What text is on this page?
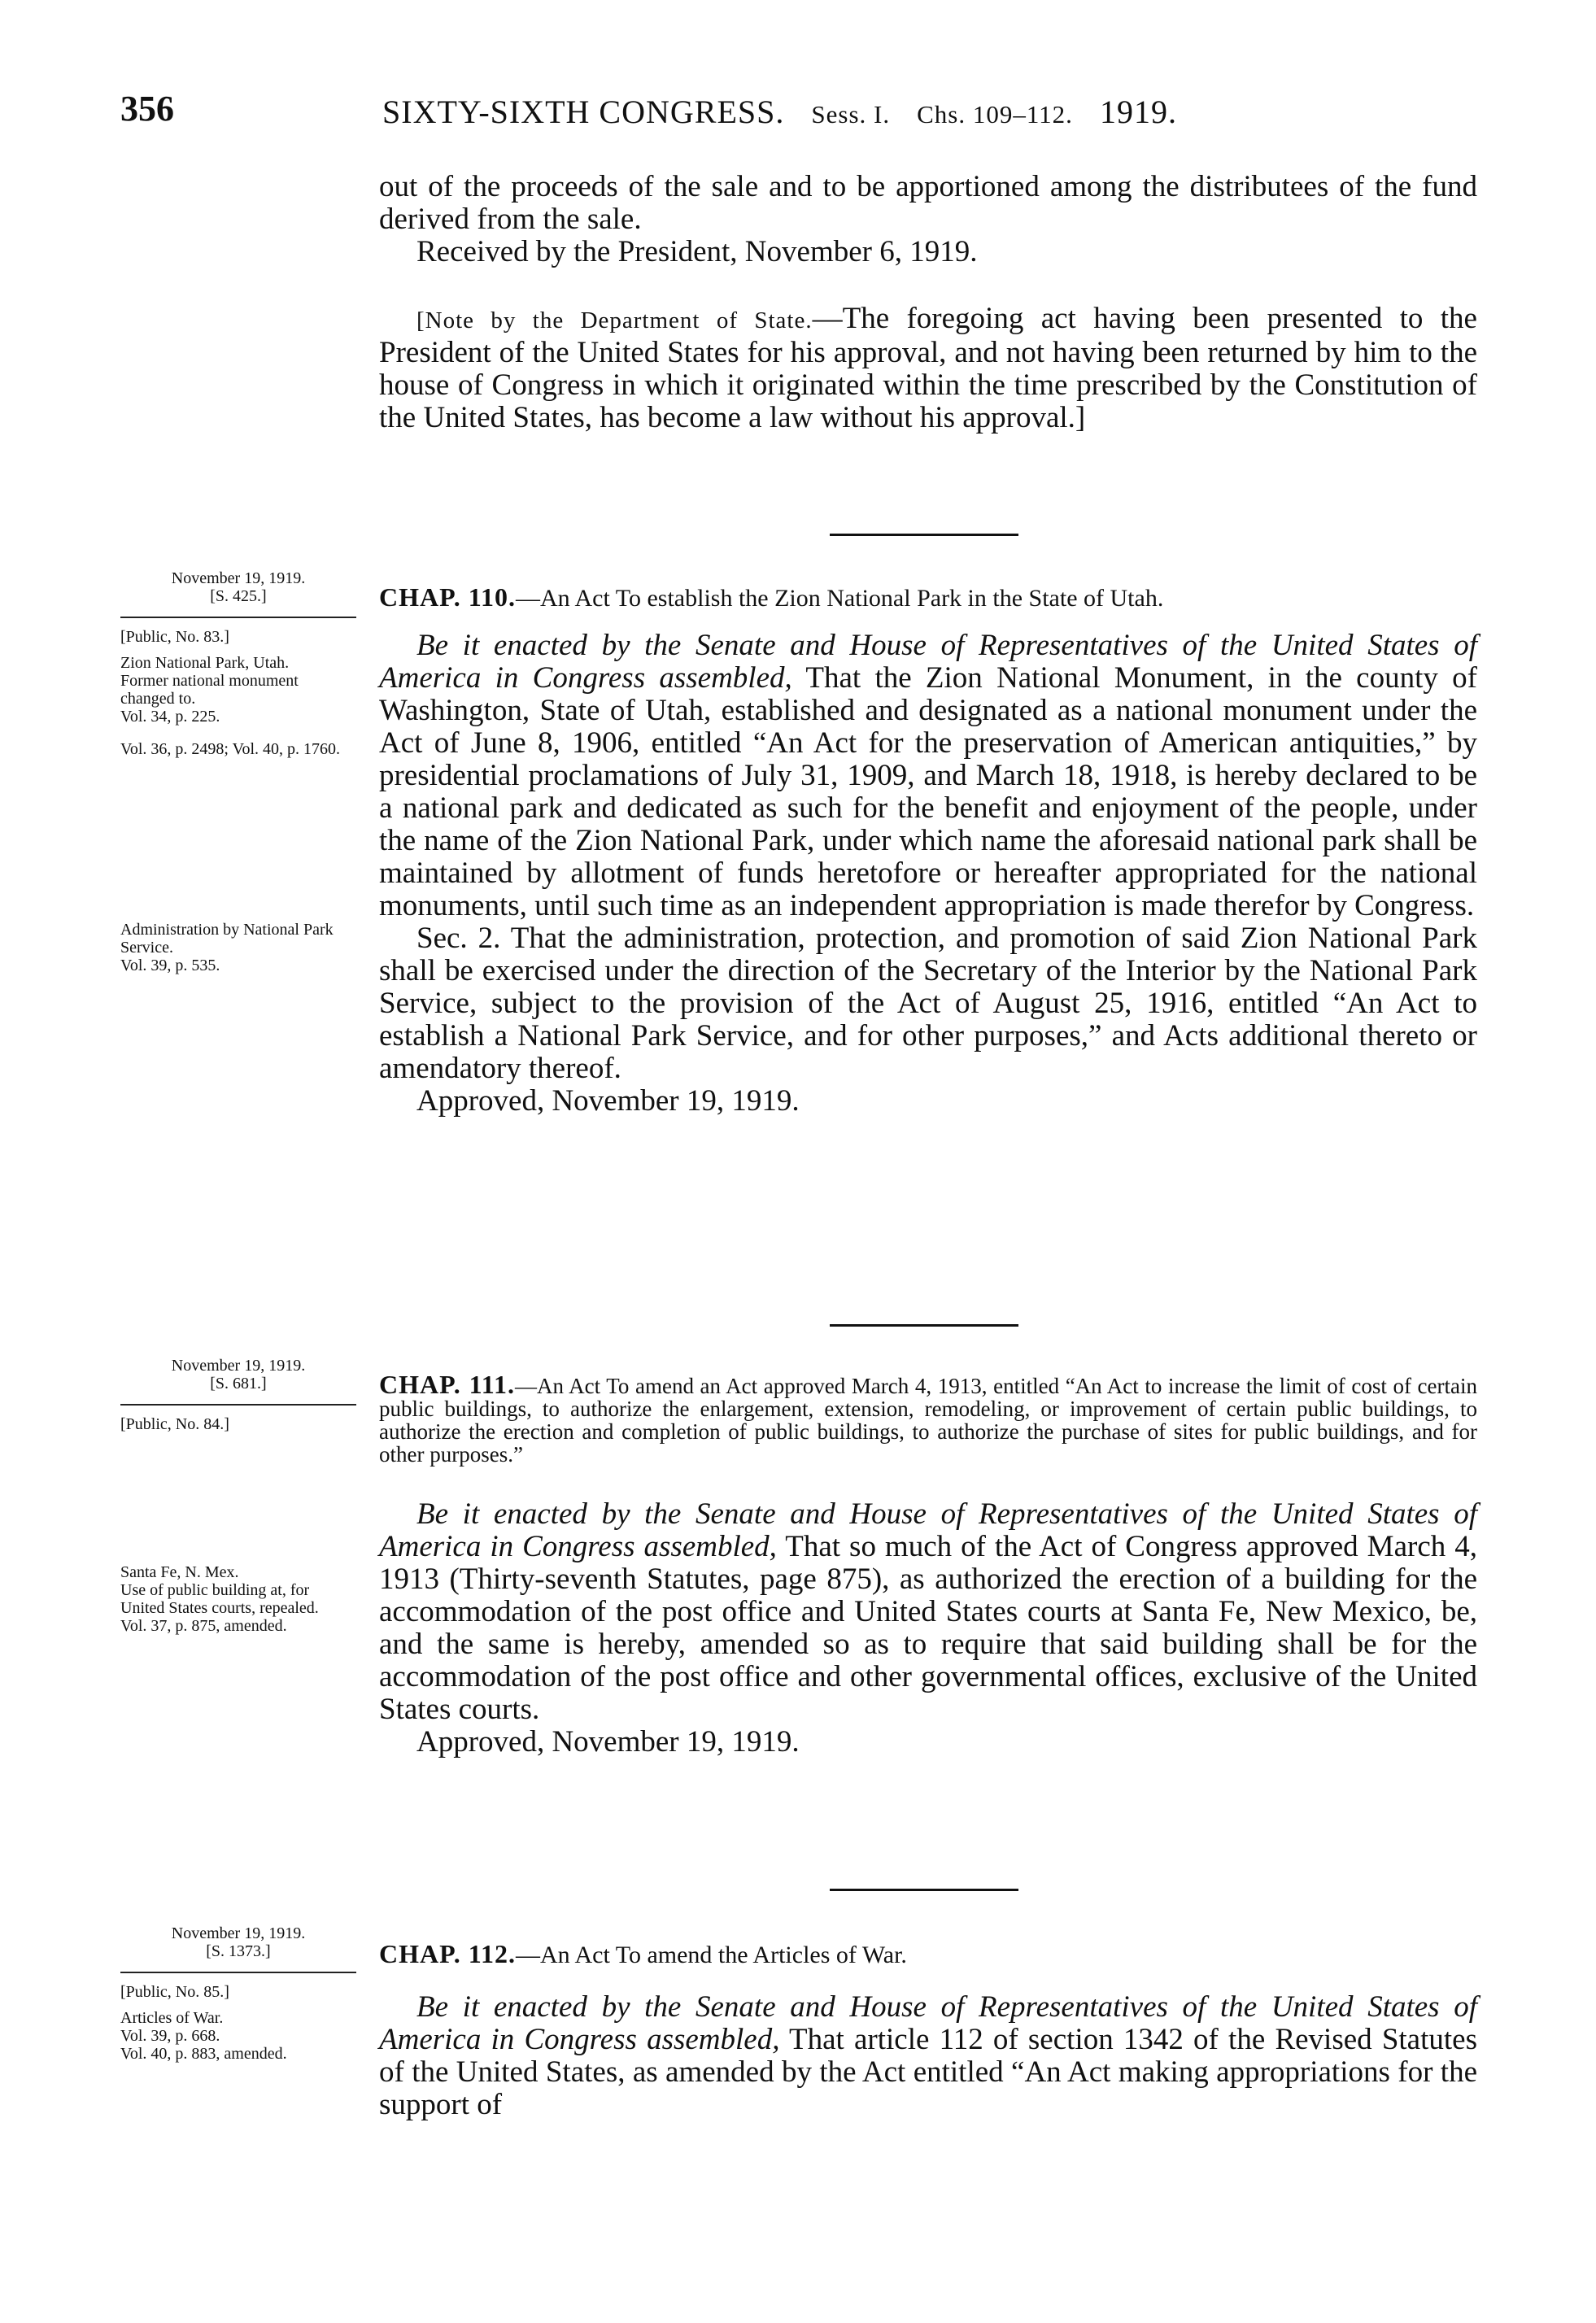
356	SIXTY-SIXTH CONGRESS. Sess. I. Chs. 109–112. 1919.

out of the proceeds of the sale and to be apportioned among the distributees of the fund derived from the sale.

Received by the President, November 6, 1919.

[Note by the Department of State.—The foregoing act having been presented to the President of the United States for his approval, and not having been returned by him to the house of Congress in which it originated within the time prescribed by the Constitution of the United States, has become a law without his approval.]

November 19, 1919.
[S. 425.]
[Public, No. 83.]
Zion National Park, Utah.
Former national monument changed to.
Vol. 34, p. 225.
Vol. 36, p. 2498; Vol. 40, p. 1760.
Administration by National Park Service.
Vol. 39, p. 535.

CHAP. 110.—An Act To establish the Zion National Park in the State of Utah.

Be it enacted by the Senate and House of Representatives of the United States of America in Congress assembled, That the Zion National Monument, in the county of Washington, State of Utah, established and designated as a national monument under the Act of June 8, 1906, entitled “An Act for the preservation of American antiquities,” by presidential proclamations of July 31, 1909, and March 18, 1918, is hereby declared to be a national park and dedicated as such for the benefit and enjoyment of the people, under the name of the Zion National Park, under which name the aforesaid national park shall be maintained by allotment of funds heretofore or hereafter appropriated for the national monuments, until such time as an independent appropriation is made therefor by Congress.

Sec. 2. That the administration, protection, and promotion of said Zion National Park shall be exercised under the direction of the Secretary of the Interior by the National Park Service, subject to the provision of the Act of August 25, 1916, entitled “An Act to establish a National Park Service, and for other purposes,” and Acts additional thereto or amendatory thereof.

Approved, November 19, 1919.

November 19, 1919.
[S. 681.]
[Public, No. 84.]
Santa Fe, N. Mex.
Use of public building at, for United States courts, repealed.
Vol. 37, p. 875, amended.

CHAP. 111.—An Act To amend an Act approved March 4, 1913, entitled “An Act to increase the limit of cost of certain public buildings, to authorize the enlargement, extension, remodeling, or improvement of certain public buildings, to authorize the erection and completion of public buildings, to authorize the purchase of sites for public buildings, and for other purposes.”

Be it enacted by the Senate and House of Representatives of the United States of America in Congress assembled, That so much of the Act of Congress approved March 4, 1913 (Thirty-seventh Statutes, page 875), as authorized the erection of a building for the accommodation of the post office and United States courts at Santa Fe, New Mexico, be, and the same is hereby, amended so as to require that said building shall be for the accommodation of the post office and other governmental offices, exclusive of the United States courts.

Approved, November 19, 1919.

November 19, 1919.
[S. 1373.]
[Public, No. 85.]
Articles of War.
Vol. 39, p. 668.
Vol. 40, p. 883, amended.

CHAP. 112.—An Act To amend the Articles of War.

Be it enacted by the Senate and House of Representatives of the United States of America in Congress assembled, That article 112 of section 1342 of the Revised Statutes of the United States, as amended by the Act entitled “An Act making appropriations for the support of
